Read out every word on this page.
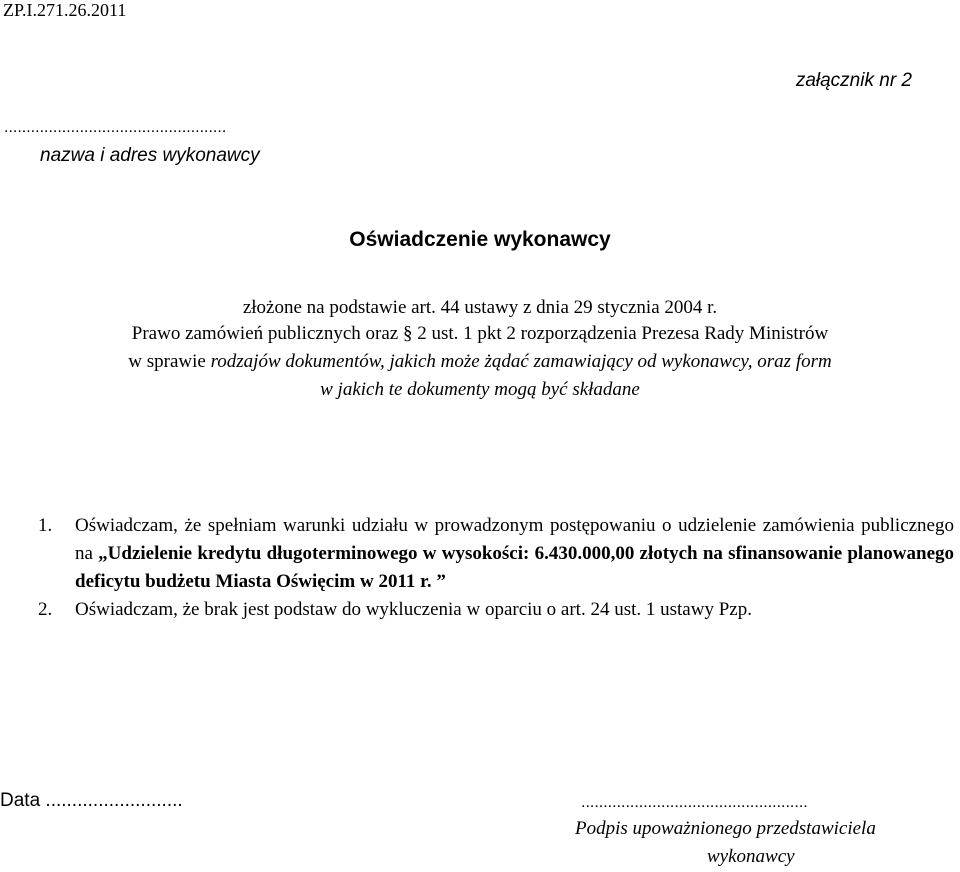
ZP.I.271.26.2011
załącznik nr 2
..................................................
nazwa i adres wykonawcy
Oświadczenie wykonawcy
złożone na podstawie art. 44 ustawy z dnia 29 stycznia 2004 r.
Prawo zamówień publicznych oraz § 2 ust. 1 pkt 2 rozporządzenia Prezesa Rady Ministrów
w sprawie rodzajów dokumentów, jakich może żądać zamawiający od wykonawcy, oraz form
w jakich te dokumenty mogą być składane
1.	Oświadczam, że spełniam warunki udziału w prowadzonym postępowaniu o udzielenie zamówienia publicznego na „Udzielenie kredytu długoterminowego w wysokości: 6.430.000,00 złotych na sfinansowanie planowanego deficytu budżetu Miasta Oświęcim w 2011 r. ”
2.	Oświadczam, że brak jest podstaw do wykluczenia w oparciu o art. 24 ust. 1 ustawy Pzp.
Data ..........................	...................................................
Podpis upoważnionego przedstawiciela
wykonawcy
